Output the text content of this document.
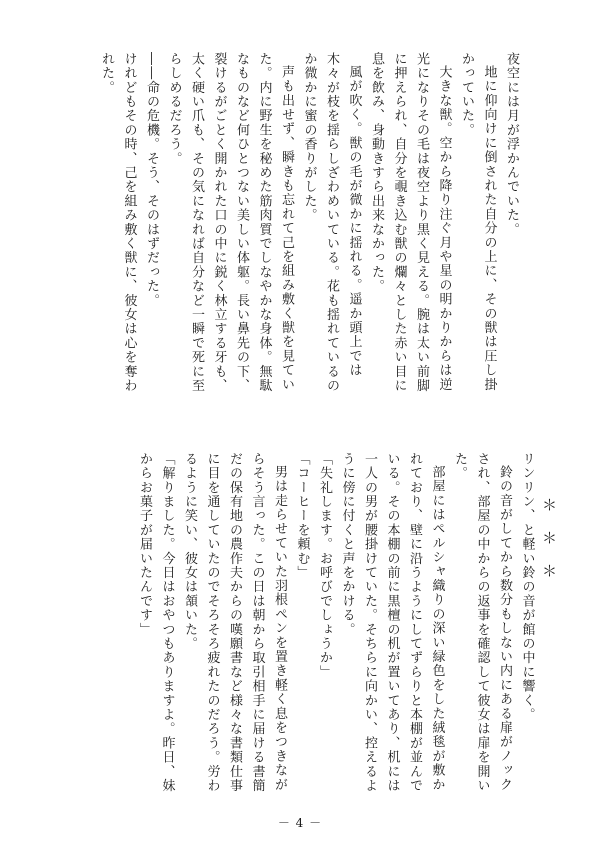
夜空には月が浮かんでいた。

地に仰向けに倒された自分の上に、その獣は圧し掛かっていた。

大きな獣。空から降り注ぐ月や星の明かりからは逆光になりその毛は夜空より黒く見える。腕は太い前脚に押えられ、自分を覗き込む獣の爛々とした赤い目に息を飲み、身動きすら出来なかった。

風が吹く。獣の毛が微かに揺れる。遥か頭上では木々が枝を揺らしざわめいている。花も揺れているのか微かに蜜の香りがした。

声も出せず、瞬きも忘れて己を組み敷く獣を見ていた。内に野生を秘めた筋肉質でしなやかな身体。無駄なものなど何ひとつない美しい体躯。長い鼻先の下、裂けるがごとく開かれた口の中に鋭く林立する牙も、太く硬い爪も、その気になれば自分など一瞬で死に至らしめるだろう。

――命の危機。そう、そのはずだった。

けれどもその時、己を組み敷く獣に、彼女は心を奪われた。

＊＊＊

リンリン、と軽い鈴の音が館の中に響く。

鈴の音がしてから数分もしない内にある扉がノックされ、部屋の中からの返事を確認して彼女は扉を開いた。

部屋にはペルシャ織りの深い緑色をした絨毯が敷かれており、壁に沿うようにしてずらりと本棚が並んでいる。その本棚の前に黒檀の机が置いてあり、机には一人の男が腰掛けていた。そちらに向かい、控えるように傍に付くと声をかける。

「失礼します。お呼びでしょうか」

「コーヒーを頼む」

男は走らせていた羽根ペンを置き軽く息をつきながらそう言った。この日は朝から取引相手に届ける書簡だの保有地の農作夫からの嘆願書など様々な書類仕事に目を通していたのでそろそろ疲れたのだろう。労わるように笑い、彼女は頷いた。

「解りました。今日はおやつもありますよ。昨日、妹からお菓子が届いたんです」

－ 4 －
